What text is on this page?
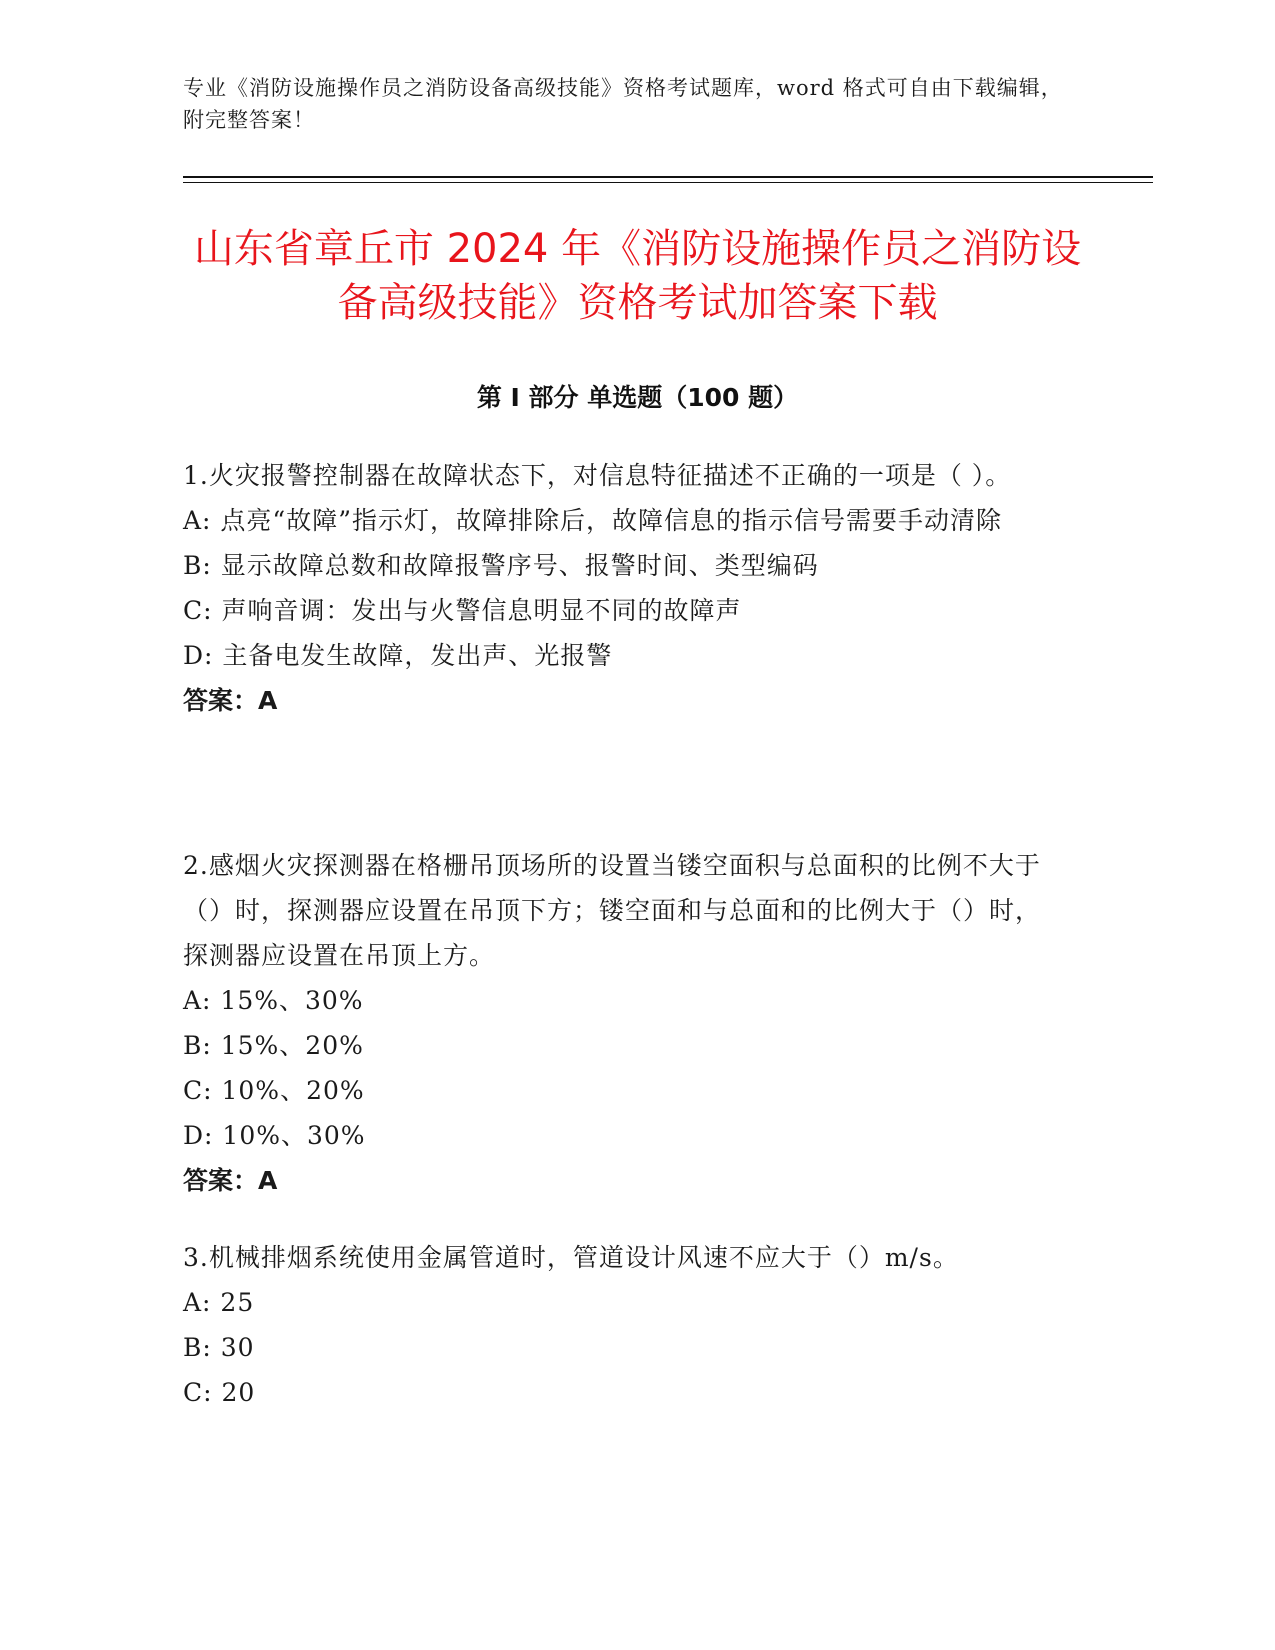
专业《消防设施操作员之消防设备高级技能》资格考试题库，word 格式可自由下载编辑，附完整答案！
山东省章丘市 2024 年《消防设施操作员之消防设备高级技能》资格考试加答案下载
第 I 部分 单选题（100 题）

1.火灾报警控制器在故障状态下，对信息特征描述不正确的一项是（ ）。

A: 点亮“故障”指示灯，故障排除后，故障信息的指示信号需要手动清除

B: 显示故障总数和故障报警序号、报警时间、类型编码

C: 声响音调：发出与火警信息明显不同的故障声

D: 主备电发生故障，发出声、光报警

答案：A

2.感烟火灾探测器在格栅吊顶场所的设置当镂空面积与总面积的比例不大于（）时，探测器应设置在吊顶下方；镂空面和与总面和的比例大于（）时，探测器应设置在吊顶上方。

A: 15%、30%

B: 15%、20%

C: 10%、20%

D: 10%、30%

答案：A

3.机械排烟系统使用金属管道时，管道设计风速不应大于（）m/s。

A: 25

B: 30

C: 20
